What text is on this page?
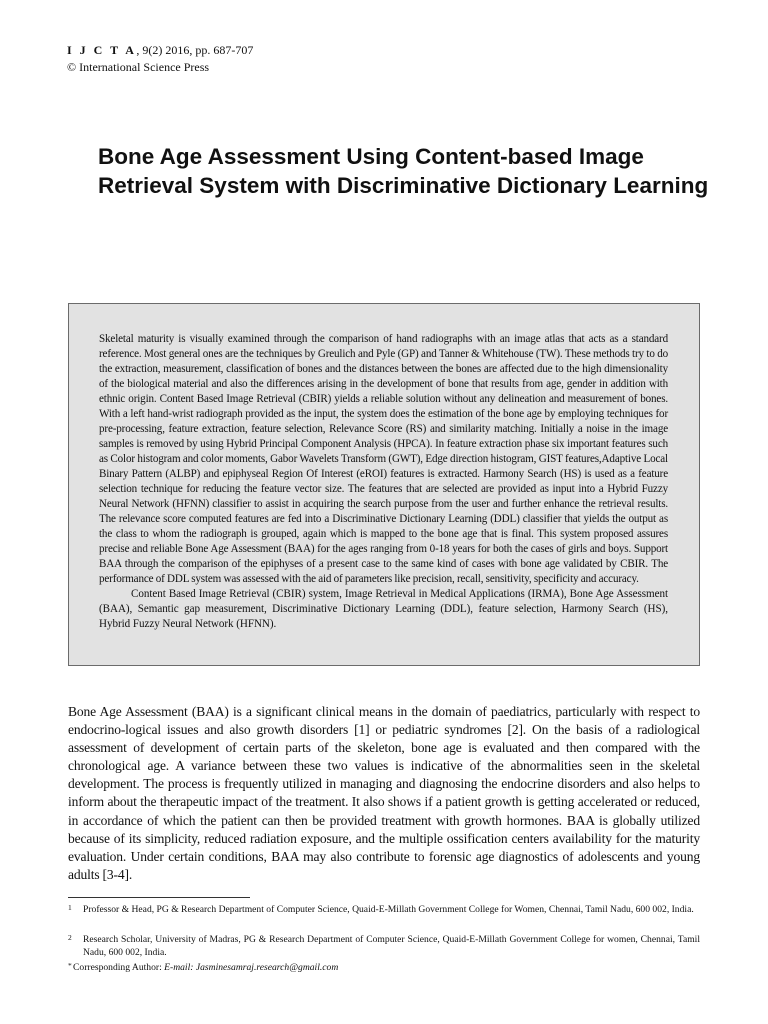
I J C T A, 9(2) 2016, pp. 687-707
© International Science Press
Bone Age Assessment Using Content-based Image Retrieval System with Discriminative Dictionary Learning

Skeletal maturity is visually examined through the comparison of hand radiographs with an image atlas that acts as a standard reference. Most general ones are the techniques by Greulich and Pyle (GP) and Tanner & Whitehouse (TW). These methods try to do the extraction, measurement, classification of bones and the distances between the bones are affected due to the high dimensionality of the biological material and also the differences arising in the development of bone that results from age, gender in addition with ethnic origin. Content Based Image Retrieval (CBIR) yields a reliable solution without any delineation and measurement of bones. With a left hand-wrist radiograph provided as the input, the system does the estimation of the bone age by employing techniques for pre-processing, feature extraction, feature selection, Relevance Score (RS) and similarity matching. Initially a noise in the image samples is removed by using Hybrid Principal Component Analysis (HPCA). In feature extraction phase six important features such as Color histogram and color moments, Gabor Wavelets Transform (GWT), Edge direction histogram, GIST features,Adaptive Local Binary Pattern (ALBP) and epiphyseal Region Of Interest (eROI) features is extracted. Harmony Search (HS) is used as a feature selection technique for reducing the feature vector size. The features that are selected are provided as input into a Hybrid Fuzzy Neural Network (HFNN) classifier to assist in acquiring the search purpose from the user and further enhance the retrieval results. The relevance score computed features are fed into a Discriminative Dictionary Learning (DDL) classifier that yields the output as the class to whom the radiograph is grouped, again which is mapped to the bone age that is final. This system proposed assures precise and reliable Bone Age Assessment (BAA) for the ages ranging from 0-18 years for both the cases of girls and boys. Support BAA through the comparison of the epiphyses of a present case to the same kind of cases with bone age validated by CBIR. The performance of DDL system was assessed with the aid of parameters like precision, recall, sensitivity, specificity and accuracy.

Content Based Image Retrieval (CBIR) system, Image Retrieval in Medical Applications (IRMA), Bone Age Assessment (BAA), Semantic gap measurement, Discriminative Dictionary Learning (DDL), feature selection, Harmony Search (HS), Hybrid Fuzzy Neural Network (HFNN).

Bone Age Assessment (BAA) is a significant clinical means in the domain of paediatrics, particularly with respect to endocrino-logical issues and also growth disorders [1] or pediatric syndromes [2]. On the basis of a radiological assessment of development of certain parts of the skeleton, bone age is evaluated and then compared with the chronological age. A variance between these two values is indicative of the abnormalities seen in the skeletal development. The process is frequently utilized in managing and diagnosing the endocrine disorders and also helps to inform about the therapeutic impact of the treatment. It also shows if a patient growth is getting accelerated or reduced, in accordance of which the patient can then be provided treatment with growth hormones. BAA is globally utilized because of its simplicity, reduced radiation exposure, and the multiple ossification centers availability for the maturity evaluation. Under certain conditions, BAA may also contribute to forensic age diagnostics of adolescents and young adults [3-4].

1 Professor & Head, PG & Research Department of Computer Science, Quaid-E-Millath Government College for Women, Chennai, Tamil Nadu, 600 002, India.
2 Research Scholar, University of Madras, PG & Research Department of Computer Science, Quaid-E-Millath Government College for women, Chennai, Tamil Nadu, 600 002, India.
* Corresponding Author: E-mail: Jasminesamraj.research@gmail.com
